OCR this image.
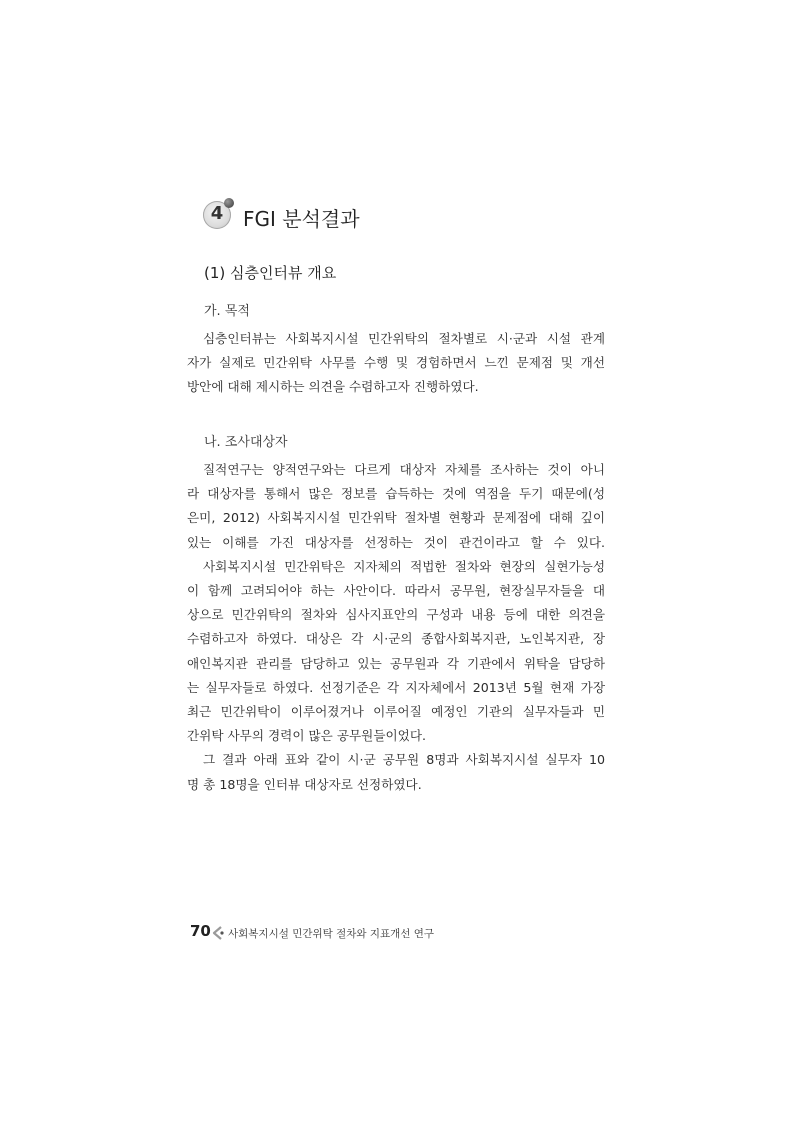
4 FGI 분석결과
(1) 심층인터뷰 개요
가. 목적
심층인터뷰는 사회복지시설 민간위탁의 절차별로 시·군과 시설 관계
자가 실제로 민간위탁 사무를 수행 및 경험하면서 느낀 문제점 및 개선
방안에 대해 제시하는 의견을 수렴하고자 진행하였다.
나. 조사대상자
질적연구는 양적연구와는 다르게 대상자 자체를 조사하는 것이 아니
라 대상자를 통해서 많은 정보를 습득하는 것에 역점을 두기 때문에(성
은미, 2012) 사회복지시설 민간위탁 절차별 현황과 문제점에 대해 깊이
있는 이해를 가진 대상자를 선정하는 것이 관건이라고 할 수 있다.
사회복지시설 민간위탁은 지자체의 적법한 절차와 현장의 실현가능성
이 함께 고려되어야 하는 사안이다. 따라서 공무원, 현장실무자들을 대
상으로 민간위탁의 절차와 심사지표안의 구성과 내용 등에 대한 의견을
수렴하고자 하였다. 대상은 각 시·군의 종합사회복지관, 노인복지관, 장
애인복지관 관리를 담당하고 있는 공무원과 각 기관에서 위탁을 담당하
는 실무자들로 하였다. 선정기준은 각 지자체에서 2013년 5월 현재 가장
최근 민간위탁이 이루어졌거나 이루어질 예정인 기관의 실무자들과 민
간위탁 사무의 경력이 많은 공무원들이었다.
그 결과 아래 표와 같이 시·군 공무원 8명과 사회복지시설 실무자 10
명 총 18명을 인터뷰 대상자로 선정하였다.
70 사회복지시설 민간위탁 절차와 지표개선 연구
